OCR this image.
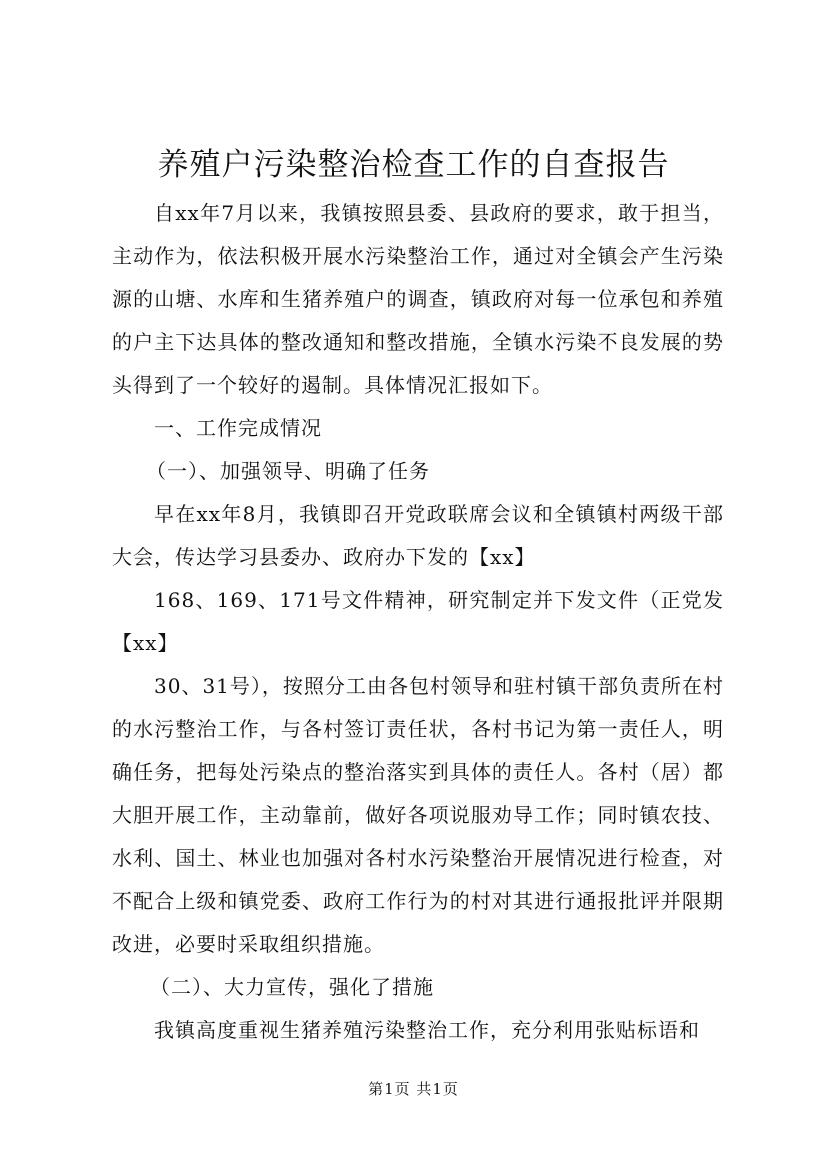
养殖户污染整治检查工作的自查报告

自xx年7月以来，我镇按照县委、县政府的要求，敢于担当，主动作为，依法积极开展水污染整治工作，通过对全镇会产生污染源的山塘、水库和生猪养殖户的调查，镇政府对每一位承包和养殖的户主下达具体的整改通知和整改措施，全镇水污染不良发展的势头得到了一个较好的遏制。具体情况汇报如下。

一、工作完成情况

（一）、加强领导、明确了任务

早在xx年8月，我镇即召开党政联席会议和全镇镇村两级干部大会，传达学习县委办、政府办下发的【xx】

168、169、171号文件精神，研究制定并下发文件（正党发【xx】

30、31号），按照分工由各包村领导和驻村镇干部负责所在村的水污整治工作，与各村签订责任状，各村书记为第一责任人，明确任务，把每处污染点的整治落实到具体的责任人。各村（居）都大胆开展工作，主动靠前，做好各项说服劝导工作；同时镇农技、水利、国土、林业也加强对各村水污染整治开展情况进行检查，对不配合上级和镇党委、政府工作行为的村对其进行通报批评并限期改进，必要时采取组织措施。

（二）、大力宣传，强化了措施

我镇高度重视生猪养殖污染整治工作，充分利用张贴标语和

第1页 共1页
